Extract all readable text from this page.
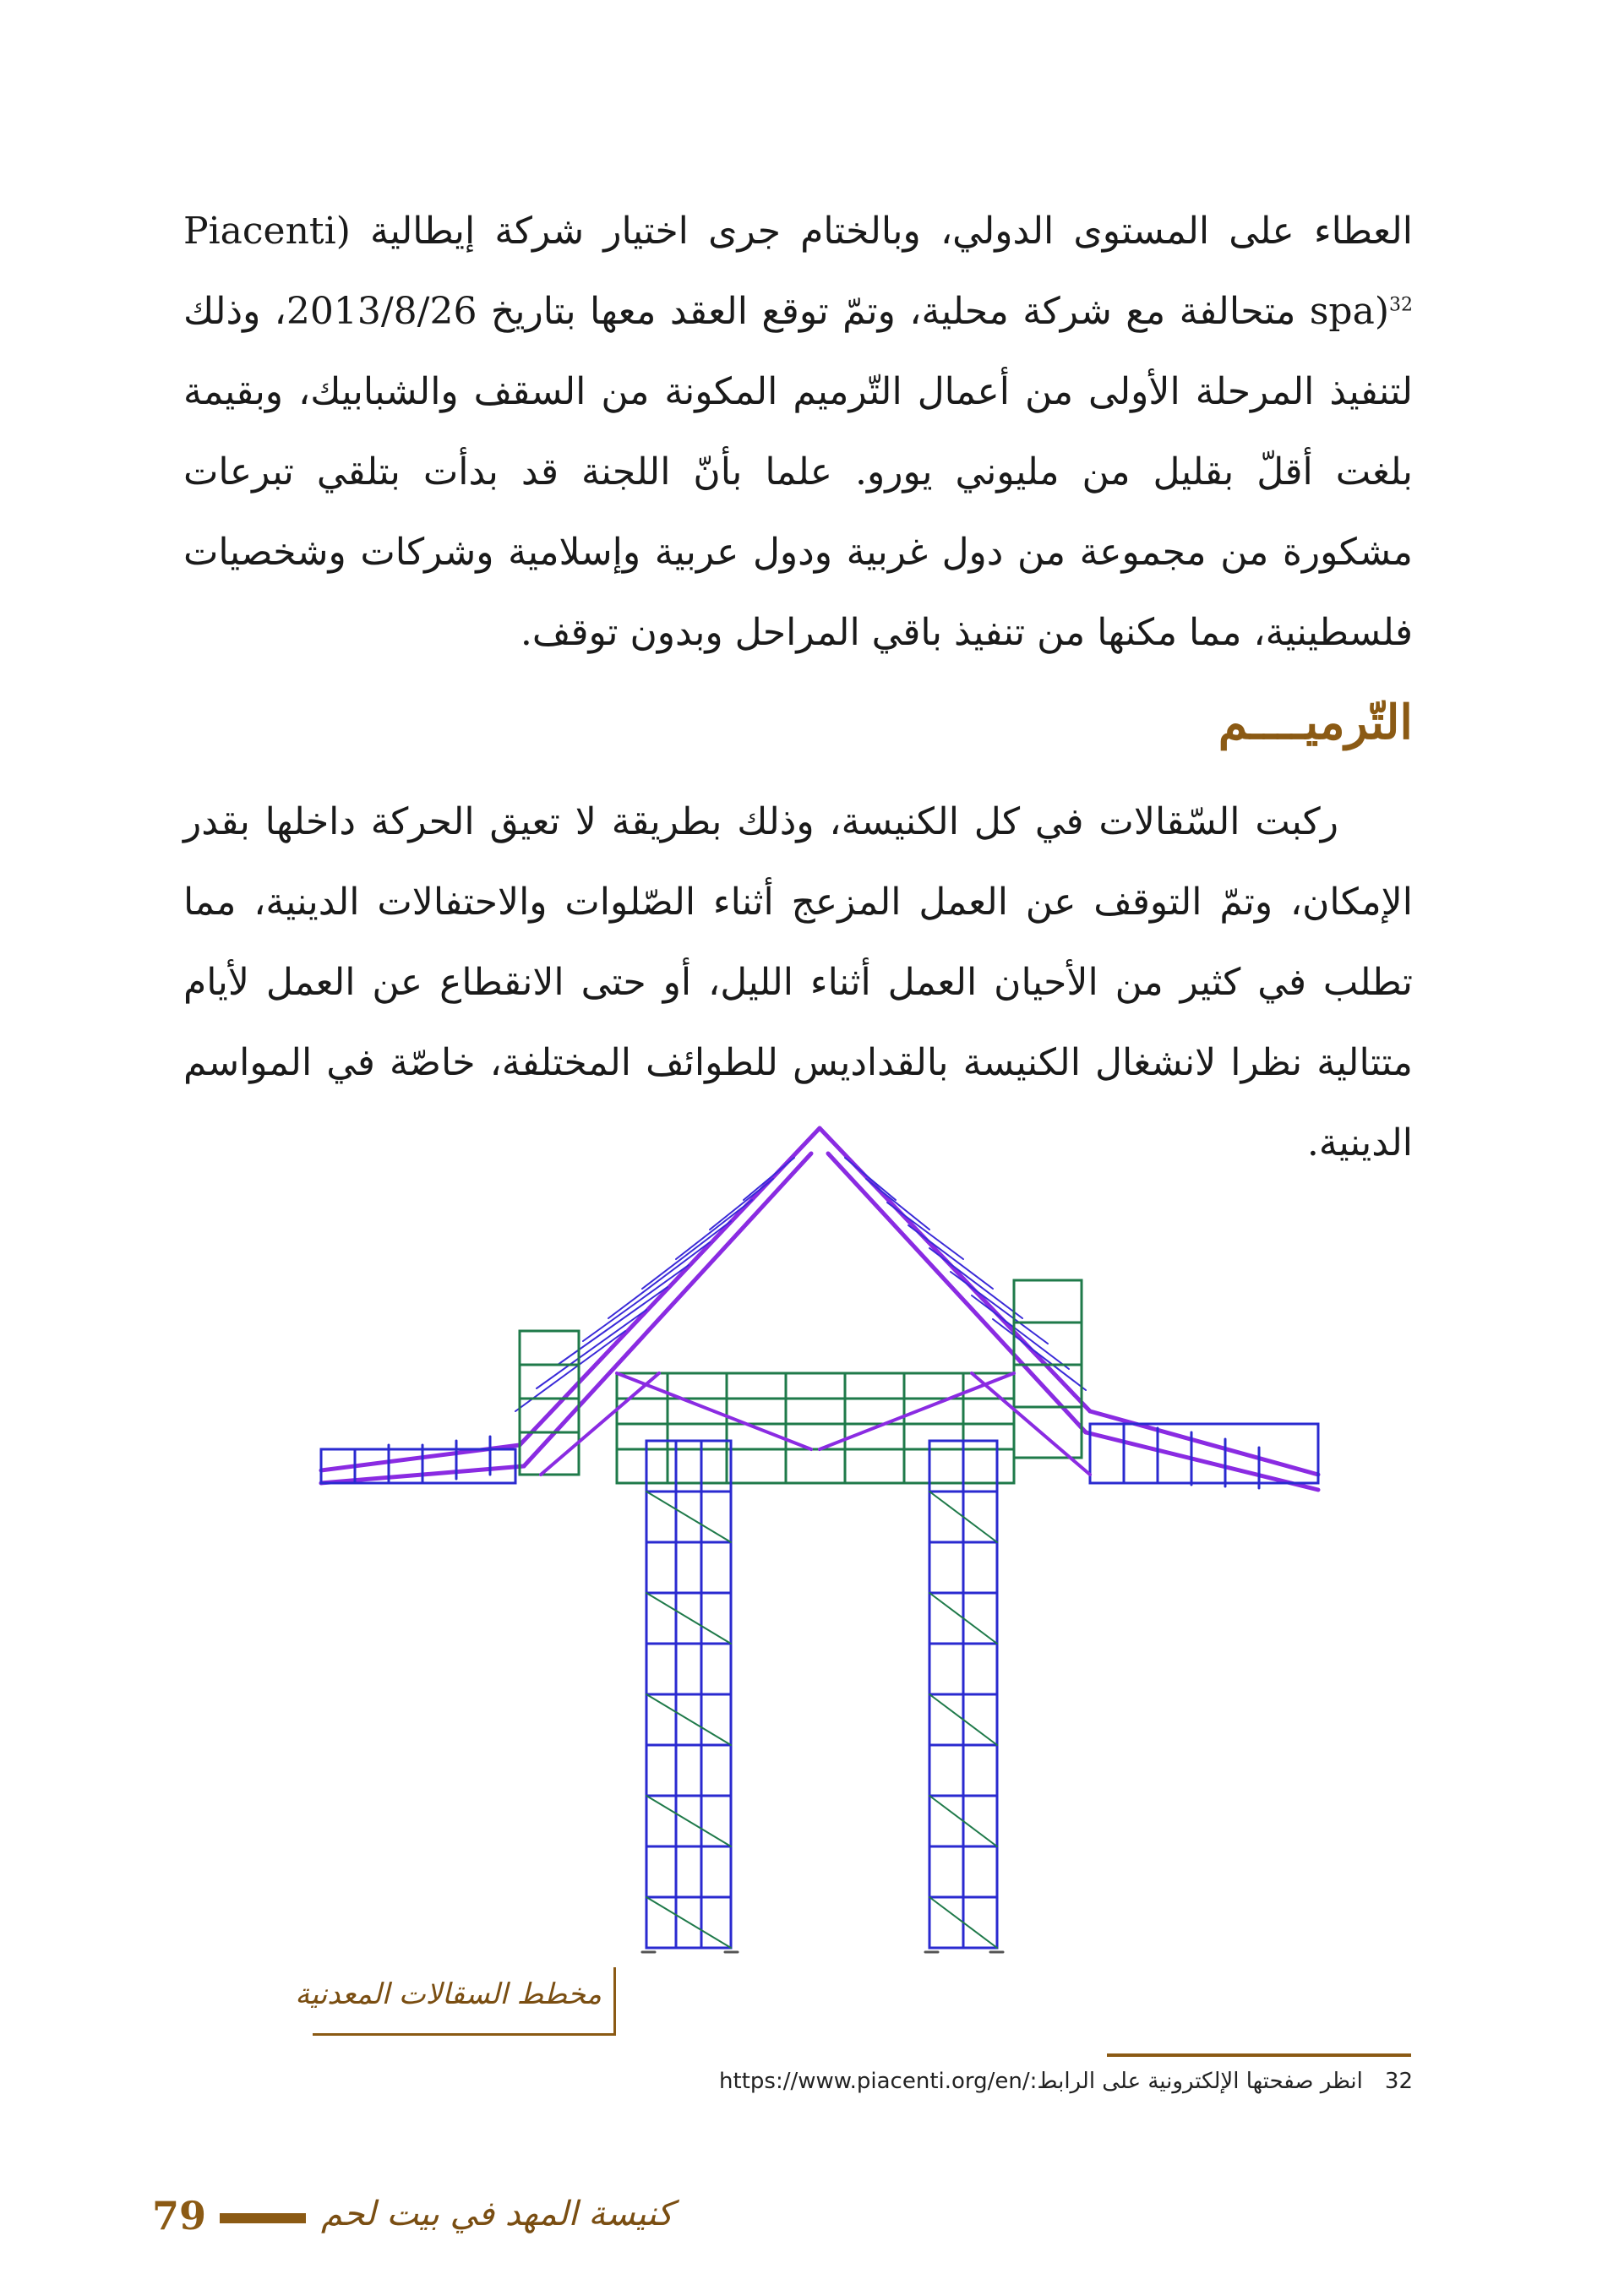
العطاء على المستوى الدولي، وبالختام جرى اختيار شركة إيطالية (Piacenti spa)$^{32}$ متحالفة مع شركة محلية، وتمّ توقع العقد معها بتاريخ 2013/8/26، وذلك لتنفيذ المرحلة الأولى من أعمال التّرميم المكونة من السقف والشبابيك، وبقيمة بلغت أقلّ بقليل من مليوني يورو. علما بأنّ اللجنة قد بدأت بتلقي تبرعات مشكورة من مجموعة من دول غربية ودول عربية وإسلامية وشركات وشخصيات فلسطينية، مما مكنها من تنفيذ باقي المراحل وبدون توقف.

التّرميــــم

ركبت السّقالات في كل الكنيسة، وذلك بطريقة لا تعيق الحركة داخلها بقدر الإمكان، وتمّ التوقف عن العمل المزعج أثناء الصّلوات والاحتفالات الدينية، مما تطلب في كثير من الأحيان العمل أثناء الليل، أو حتى الانقطاع عن العمل لأيام متتالية نظرا لانشغال الكنيسة بالقداديس للطوائف المختلفة، خاصّة في المواسم الدينية.

مخطط السقالات المعدنية
32انظر صفحتها الإلكترونية على الرابط:https://www.piacenti.org/en/
79	كنيسة المهد في بيت لحم
